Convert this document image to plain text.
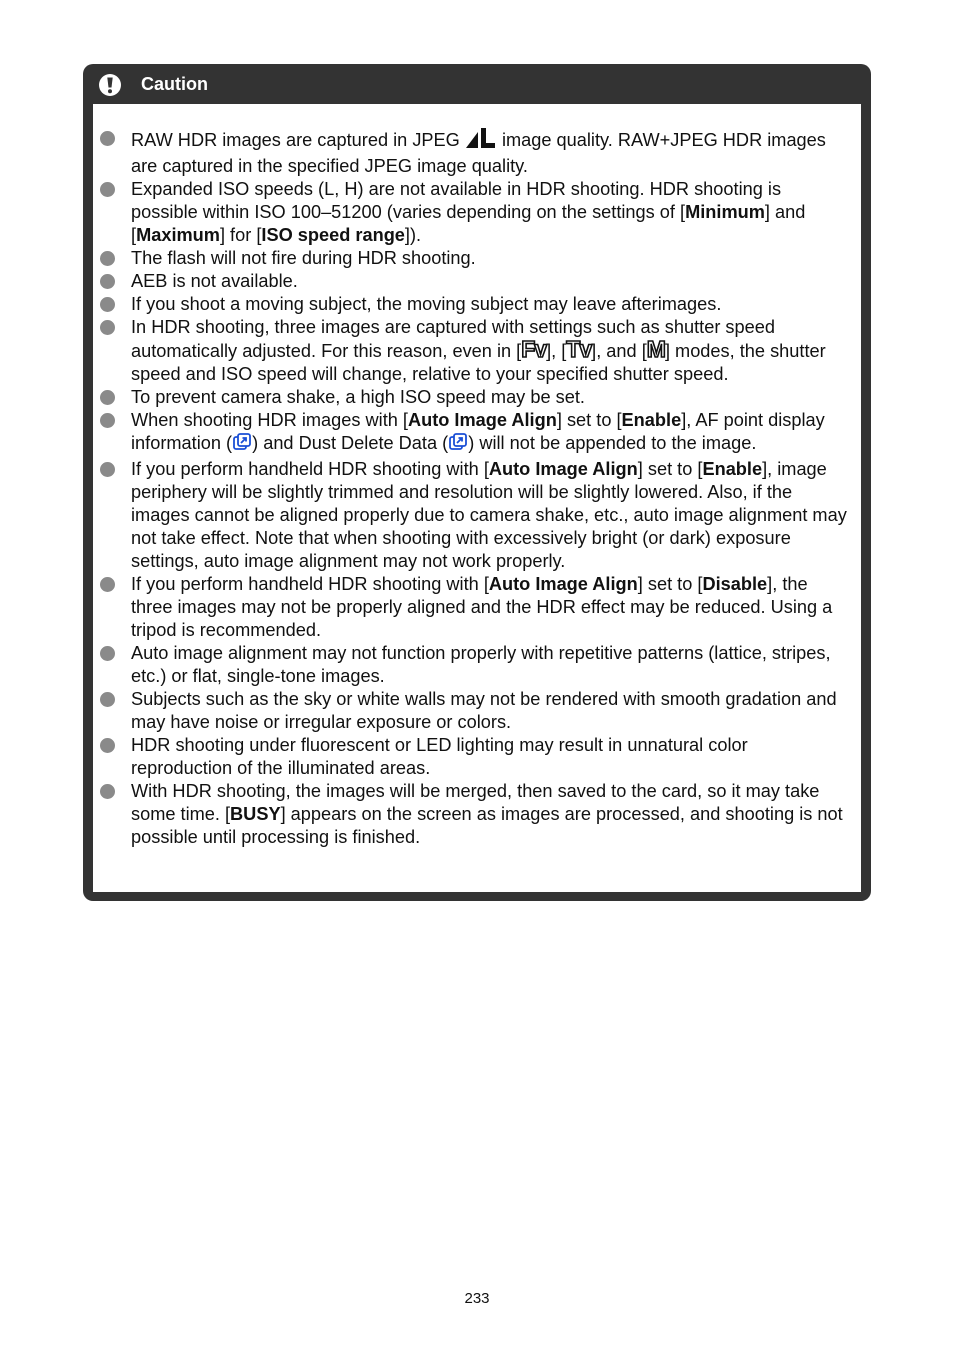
Caution
RAW HDR images are captured in JPEG  image quality. RAW+JPEG HDR images are captured in the specified JPEG image quality.
Expanded ISO speeds (L, H) are not available in HDR shooting. HDR shooting is possible within ISO 100–51200 (varies depending on the settings of [Minimum] and [Maximum] for [ISO speed range]).
The flash will not fire during HDR shooting.
AEB is not available.
If you shoot a moving subject, the moving subject may leave afterimages.
In HDR shooting, three images are captured with settings such as shutter speed automatically adjusted. For this reason, even in [Fv], [Tv], and [M] modes, the shutter speed and ISO speed will change, relative to your specified shutter speed.
To prevent camera shake, a high ISO speed may be set.
When shooting HDR images with [Auto Image Align] set to [Enable], AF point display information ( ) and Dust Delete Data ( ) will not be appended to the image.
If you perform handheld HDR shooting with [Auto Image Align] set to [Enable], image periphery will be slightly trimmed and resolution will be slightly lowered. Also, if the images cannot be aligned properly due to camera shake, etc., auto image alignment may not take effect. Note that when shooting with excessively bright (or dark) exposure settings, auto image alignment may not work properly.
If you perform handheld HDR shooting with [Auto Image Align] set to [Disable], the three images may not be properly aligned and the HDR effect may be reduced. Using a tripod is recommended.
Auto image alignment may not function properly with repetitive patterns (lattice, stripes, etc.) or flat, single-tone images.
Subjects such as the sky or white walls may not be rendered with smooth gradation and may have noise or irregular exposure or colors.
HDR shooting under fluorescent or LED lighting may result in unnatural color reproduction of the illuminated areas.
With HDR shooting, the images will be merged, then saved to the card, so it may take some time. [BUSY] appears on the screen as images are processed, and shooting is not possible until processing is finished.
233
